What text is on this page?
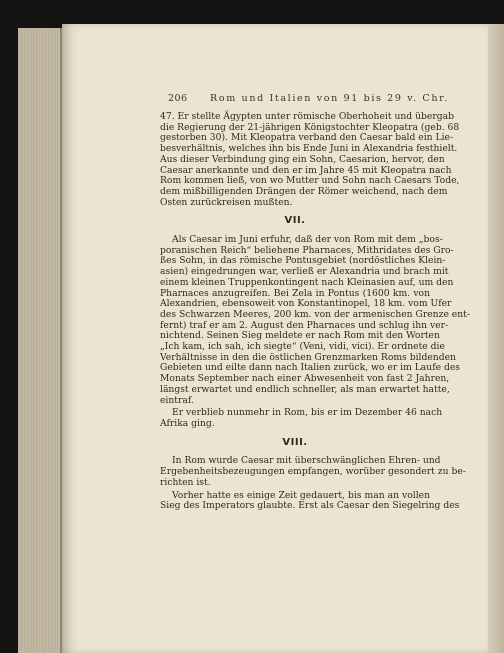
206 Rom und Italien von 91 bis 29 v. Chr.
47. Er stellte Ägypten unter römische Oberhoheit und übergab
die Regierung der 21-jährigen Königstochter Kleopatra (geb. 68
gestorben 30). Mit Kleopatra verband den Caesar bald ein Lie-
besverhältnis, welches ihn bis Ende Juni in Alexandria festhielt.
Aus dieser Verbindung ging ein Sohn, Caesarion, hervor, den
Caesar anerkannte und den er im Jahre 45 mit Kleopatra nach
Rom kommen ließ, von wo Mutter und Sohn nach Caesars Tode,
dem mißbilligenden Drängen der Römer weichend, nach dem
Osten zurückreisen mußten.
VII.
Als Caesar im Juni erfuhr, daß der von Rom mit dem „bos-
poranischen Reich“ beliehene Pharnaces, Mithridates des Gro-
ßes Sohn, in das römische Pontusgebiet (nordöstliches Klein-
asien) eingedrungen war, verließ er Alexandria und brach mit
einem kleinen Truppenkontingent nach Kleinasien auf, um den
Pharnaces anzugreifen. Bei Zela in Pontus (1600 km. von
Alexandrien, ebensoweit von Konstantinopel, 18 km. vom Ufer
des Schwarzen Meeres, 200 km. von der armenischen Grenze ent-
fernt) traf er am 2. August den Pharnaces und schlug ihn ver-
nichtend. Seinen Sieg meldete er nach Rom mit den Worten
„Ich kam, ich sah, ich siegte“ (Veni, vidi, vici). Er ordnete die
Verhältnisse in den die östlichen Grenzmarken Roms bildenden
Gebieten und eilte dann nach Italien zurück, wo er im Laufe des
Monats September nach einer Abwesenheit von fast 2 Jahren,
längst erwartet und endlich schneller, als man erwartet hatte,
eintraf.
Er verblieb nunmehr in Rom, bis er im Dezember 46 nach
Afrika ging.
VIII.
In Rom wurde Caesar mit überschwänglichen Ehren- und
Ergebenheitsbezeugungen empfangen, worüber gesondert zu be-
richten ist.
Vorher hatte es einige Zeit gedauert, bis man an vollen
Sieg des Imperators glaubte. Erst als Caesar den Siegelring des
